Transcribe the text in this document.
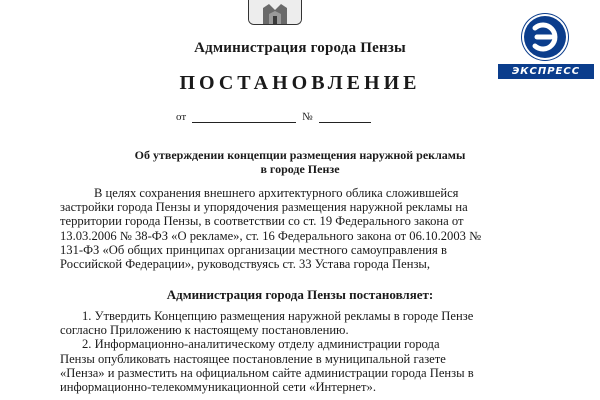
Администрация города Пензы
ПОСТАНОВЛЕНИЕ
от	№
Об утверждении концепции размещения наружной рекламы
в городе Пензе

В целях сохранения внешнего архитектурного облика сложившейся

застройки города Пензы и упорядочения размещения наружной рекламы на

территории города Пензы, в соответствии со ст. 19 Федерального закона от

13.03.2006 № 38-ФЗ «О рекламе», ст. 16 Федерального закона от 06.10.2003 №

131-ФЗ «Об общих принципах организации местного самоуправления в

Российской Федерации», руководствуясь ст. 33 Устава города Пензы,

Администрация города Пензы постановляет:

1. Утвердить Концепцию размещения наружной рекламы в городе Пензе

согласно Приложению к настоящему постановлению.

2. Информационно-аналитическому отделу администрации города

Пензы опубликовать настоящее постановление в муниципальной газете

«Пенза» и разместить на официальном сайте администрации города Пензы в

информационно-телекоммуникационной сети «Интернет».

ЭКСПРЕСС
